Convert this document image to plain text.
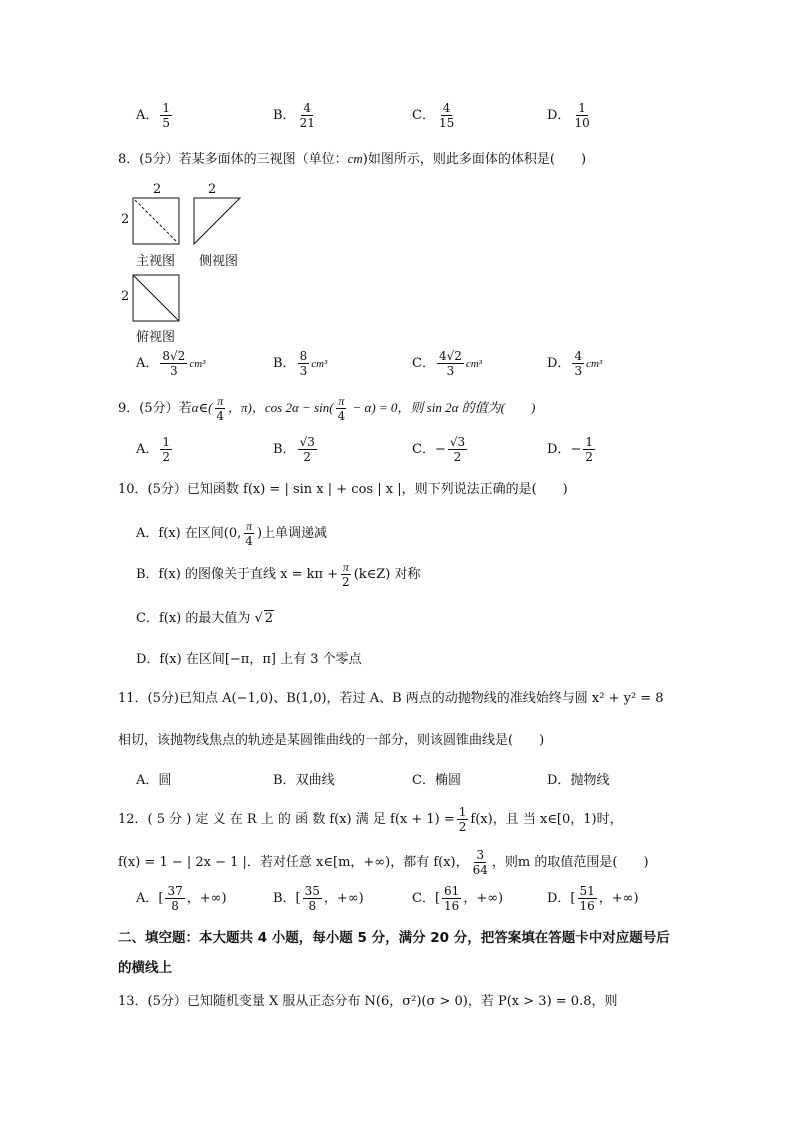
A． $\frac{1}{5}$	B． $\frac{4}{21}$	C． $\frac{4}{15}$	D． $\frac{1}{10}$
8．(5分）若某多面体的三视图（单位：cm)如图所示，则此多面体的体积是(　　)
2
2
2
主视图 侧视图
2
俯视图
A． $\frac{8√2}{3} cm^3$	B． $\frac{8}{3} cm^3$	C． $\frac{4√2}{3} cm^3$	D． $\frac{4}{3} cm^3$
9．(5分）若α∈( $\frac{\pi}{4}$ ，π)，$\cos 2\alpha - \sin( \frac{\pi}{4} - \alpha) = 0$，则 sin 2α 的值为(　　)
A． $\frac{1}{2}$	B． $\frac{√3}{2}$	C．− $\frac{√3}{2}$	D．− $\frac{1}{2}$
10．(5分）已知函数 f(x) = | sin x | + cos | x |，则下列说法正确的是(　　)
A．f(x) 在区间(0, $\frac{\pi}{4}$ )上单调递减
B．f(x) 的图像关于直线 $x = k\pi + \frac{\pi}{2}$ (k∈Z) 对称
C．f(x) 的最大值为 √ 2
D．f(x) 在区间[−π，π] 上有 3 个零点
11．(5分)已知点 A(−1,0)、B(1,0)，若过 A、B 两点的动抛物线的准线始终与圆 x² + y² = 8
相切，该抛物线焦点的轨迹是某圆锥曲线的一部分，则该圆锥曲线是(　　)
A．圆	B．双曲线	C．椭圆	D．抛物线
12．( 5 分 ) 定 义 在 R 上 的 函 数 f(x) 满 足 $f(x + 1) = \frac{1}{2} f(x)$，且 当 x∈[0，1)时，
f(x) = 1 − | 2x − 1 |．若对任意 x∈[m，+∞)，都有 f(x)， $\frac{3}{64}$ ，则m 的取值范围是(　　)
A．[ $\frac{37}{8}$ ，+∞)	B．[ $\frac{35}{8}$ ，+∞)	C．[ $\frac{61}{16}$ ，+∞)	D．[ $\frac{51}{16}$ ，+∞)
二、填空题：本大题共 4 小题，每小题 5 分，满分 20 分，把答案填在答题卡中对应题号后
的横线上
13．(5分）已知随机变量 X 服从正态分布 N(6，σ²)(σ > 0)，若 P(x > 3) = 0.8，则
